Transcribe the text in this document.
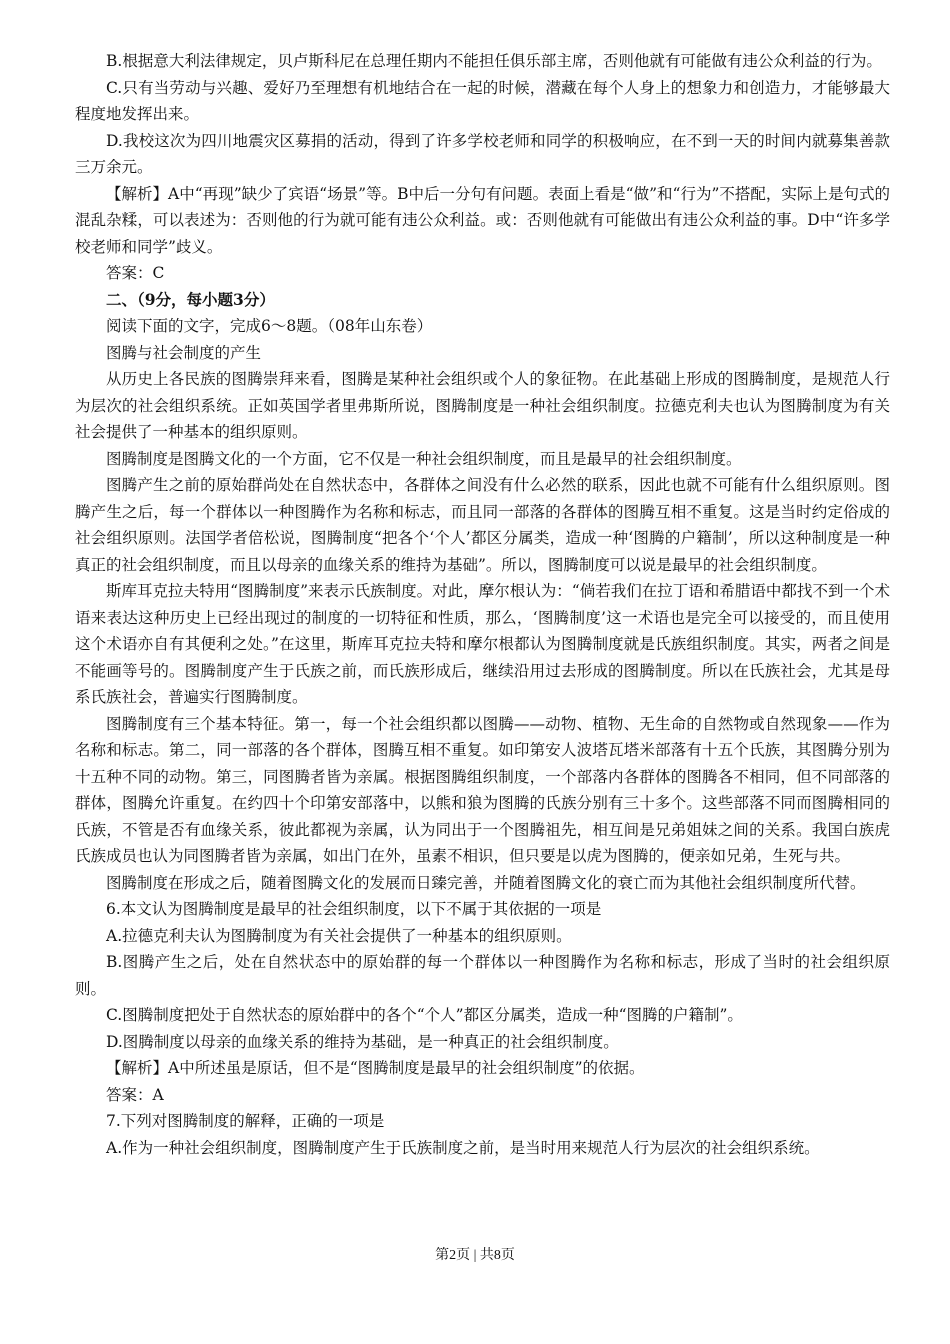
B.根据意大利法律规定，贝卢斯科尼在总理任期内不能担任俱乐部主席，否则他就有可能做有违公众利益的行为。

C.只有当劳动与兴趣、爱好乃至理想有机地结合在一起的时候，潜藏在每个人身上的想象力和创造力，才能够最大程度地发挥出来。

D.我校这次为四川地震灾区募捐的活动，得到了许多学校老师和同学的积极响应，在不到一天的时间内就募集善款三万余元。

【解析】A中“再现”缺少了宾语“场景”等。B中后一分句有问题。表面上看是“做”和“行为”不搭配，实际上是句式的混乱杂糅，可以表述为：否则他的行为就可能有违公众利益。或：否则他就有可能做出有违公众利益的事。D中“许多学校老师和同学”歧义。

答案：C

二、（9分，每小题3分）

阅读下面的文字，完成6～8题。（08年山东卷）

图腾与社会制度的产生

从历史上各民族的图腾崇拜来看，图腾是某种社会组织或个人的象征物。在此基础上形成的图腾制度，是规范人行为层次的社会组织系统。正如英国学者里弗斯所说，图腾制度是一种社会组织制度。拉德克利夫也认为图腾制度为有关社会提供了一种基本的组织原则。

图腾制度是图腾文化的一个方面，它不仅是一种社会组织制度，而且是最早的社会组织制度。

图腾产生之前的原始群尚处在自然状态中，各群体之间没有什么必然的联系，因此也就不可能有什么组织原则。图腾产生之后，每一个群体以一种图腾作为名称和标志，而且同一部落的各群体的图腾互相不重复。这是当时约定俗成的社会组织原则。法国学者倍松说，图腾制度“把各个‘个人’都区分属类，造成一种‘图腾的户籍制’，所以这种制度是一种真正的社会组织制度，而且以母亲的血缘关系的维持为基础”。所以，图腾制度可以说是最早的社会组织制度。

斯库耳克拉夫特用“图腾制度”来表示氏族制度。对此，摩尔根认为：“倘若我们在拉丁语和希腊语中都找不到一个术语来表达这种历史上已经出现过的制度的一切特征和性质，那么，‘图腾制度’这一术语也是完全可以接受的，而且使用这个术语亦自有其便利之处。”在这里，斯库耳克拉夫特和摩尔根都认为图腾制度就是氏族组织制度。其实，两者之间是不能画等号的。图腾制度产生于氏族之前，而氏族形成后，继续沿用过去形成的图腾制度。所以在氏族社会，尤其是母系氏族社会，普遍实行图腾制度。

图腾制度有三个基本特征。第一，每一个社会组织都以图腾——动物、植物、无生命的自然物或自然现象——作为名称和标志。第二，同一部落的各个群体，图腾互相不重复。如印第安人波塔瓦塔米部落有十五个氏族，其图腾分别为十五种不同的动物。第三，同图腾者皆为亲属。根据图腾组织制度，一个部落内各群体的图腾各不相同，但不同部落的群体，图腾允许重复。在约四十个印第安部落中，以熊和狼为图腾的氏族分别有三十多个。这些部落不同而图腾相同的氏族，不管是否有血缘关系，彼此都视为亲属，认为同出于一个图腾祖先，相互间是兄弟姐妹之间的关系。我国白族虎氏族成员也认为同图腾者皆为亲属，如出门在外，虽素不相识，但只要是以虎为图腾的，便亲如兄弟，生死与共。

图腾制度在形成之后，随着图腾文化的发展而日臻完善，并随着图腾文化的衰亡而为其他社会组织制度所代替。

6.本文认为图腾制度是最早的社会组织制度，以下不属于其依据的一项是

A.拉德克利夫认为图腾制度为有关社会提供了一种基本的组织原则。

B.图腾产生之后，处在自然状态中的原始群的每一个群体以一种图腾作为名称和标志，形成了当时的社会组织原则。

C.图腾制度把处于自然状态的原始群中的各个“个人”都区分属类，造成一种“图腾的户籍制”。

D.图腾制度以母亲的血缘关系的维持为基础，是一种真正的社会组织制度。

【解析】A中所述虽是原话，但不是“图腾制度是最早的社会组织制度”的依据。

答案：A

7.下列对图腾制度的解释，正确的一项是

A.作为一种社会组织制度，图腾制度产生于氏族制度之前，是当时用来规范人行为层次的社会组织系统。

第2页 | 共8页
